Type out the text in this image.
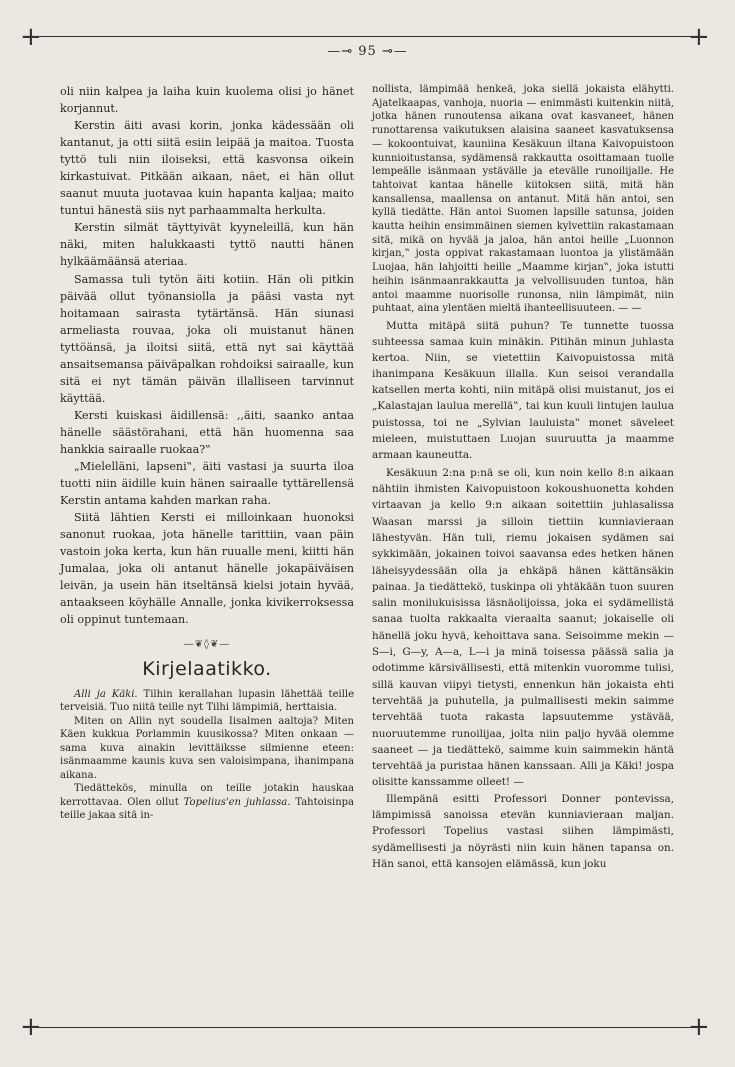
+	+
+	+
—⊸ 95 ⊸—

oli niin kalpea ja laiha kuin kuolema olisi jo hänet korjannut.

Kerstin äiti avasi korin, jonka kädessään oli kantanut, ja otti siitä esiin leipää ja maitoa. Tuosta tyttö tuli niin iloiseksi, että kasvonsa oikein kirkastuivat. Pitkään aikaan, näet, ei hän ollut saanut muuta juotavaa kuin hapanta kaljaa; maito tuntui hänestä siis nyt parhaammalta herkulta.

Kerstin silmät täyttyivät kyyneleillä, kun hän näki, miten halukkaasti tyttö nautti hänen hylkäämäänsä ateriaa.

Samassa tuli tytön äiti kotiin. Hän oli pitkin päivää ollut työnansiolla ja pääsi vasta nyt hoitamaan sairasta tytärtänsä. Hän siunasi armeliasta rouvaa, joka oli muistanut hänen tyttöänsä, ja iloitsi siitä, että nyt sai käyttää ansaitsemansa päiväpalkan rohdoiksi sairaalle, kun sitä ei nyt tämän päivän illalliseen tarvinnut käyttää.

Kersti kuiskasi äidillensä: ,,äiti, saanko antaa hänelle säästörahani, että hän huomenna saa hankkia sairaalle ruokaa?‟

„Mielelläni, lapseni‟, äiti vastasi ja suurta iloa tuotti niin äidille kuin hänen sairaalle tyttärellensä Kerstin antama kahden markan raha.

Siitä lähtien Kersti ei milloinkaan huonoksi sanonut ruokaa, jota hänelle tarittiin, vaan päin vastoin joka kerta, kun hän ruualle meni, kiitti hän Jumalaa, joka oli antanut hänelle jokapäiväisen leivän, ja usein hän itseltänsä kielsi jotain hyvää, antaakseen köyhälle Annalle, jonka kivikerroksessa oli oppinut tuntemaan.

—❦◊❦—
Kirjelaatikko.

Alli ja Käki. Tilhin kerallahan lupasin lähettää teille terveisiä. Tuo niitä teille nyt Tilhi lämpimiä, herttaisia.

Miten on Allin nyt soudella Iisalmen aaltoja? Miten Käen kukkua Porlammin kuusikossa? Miten onkaan — sama kuva ainakin levittäiksse silmienne eteen: isänmaamme kaunis kuva sen valoisimpana, ihanimpana aikana.

Tiedättekös, minulla on teille jotakin hauskaa kerrottavaa. Olen ollut Topelius'en juhlassa. Tahtoisinpa teille jakaa sitä in-

nollista, lämpimää henkeä, joka siellä jokaista elähytti. Ajatelkaapas, vanhoja, nuoria — enimmästi kuitenkin niitä, jotka hänen runoutensa aikana ovat kasvaneet, hänen runottarensa vaikutuksen alaisina saaneet kasvatuksensa — kokoontuivat, kauniina Kesäkuun iltana Kaivopuistoon kunnioitustansa, sydämensä rakkautta osoittamaan tuolle lempeälle isänmaan ystävälle ja etevälle runoilijalle. He tahtoivat kantaa hänelle kiitoksen siitä, mitä hän kansallensa, maallensa on antanut. Mitä hän antoi, sen kyllä tiedätte. Hän antoi Suomen lapsille satunsa, joiden kautta heihin ensimmäinen siemen kylvettiin rakastamaan sitä, mikä on hyvää ja jaloa, hän antoi heille „Luonnon kirjan,‟ josta oppivat rakastamaan luontoa ja ylistämään Luojaa, hän lahjoitti heille „Maamme kirjan‟, joka istutti heihin isänmaanrakkautta ja velvollisuuden tuntoa, hän antoi maamme nuorisolle runonsa, niin lämpimät, niin puhtaat, aina ylentäen mieltä ihanteellisuuteen. — —

Mutta mitäpä siitä puhun? Te tunnette tuossa suhteessa samaa kuin minäkin. Pitihän minun juhlasta kertoa. Niin, se vietettiin Kaivopuistossa mitä ihanimpana Kesäkuun illalla. Kun seisoi verandalla katsellen merta kohti, niin mitäpä olisi muistanut, jos ei „Kalastajan laulua merellä‟, tai kun kuuli lintujen laulua puistossa, toi ne „Sylvian lauluista‟ monet säveleet mieleen, muistuttaen Luojan suuruutta ja maamme armaan kauneutta.

Kesäkuun 2:na p:nä se oli, kun noin kello 8:n aikaan nähtiin ihmisten Kaivopuistoon kokoushuonetta kohden virtaavan ja kello 9:n aikaan soitettiin juhlasalissa Waasan marssi ja silloin tiettiin kunniavieraan lähestyvän. Hän tuli, riemu jokaisen sydämen sai sykkimään, jokainen toivoi saavansa edes hetken hänen läheisyydessään olla ja ehkäpä hänen kättänsäkin painaa. Ja tiedättekö, tuskinpa oli yhtäkään tuon suuren salin monilukuisissa läsnäolijoissa, joka ei sydämellistä sanaa tuolta rakkaalta vieraalta saanut; jokaiselle oli hänellä joku hyvä, kehoittava sana. Seisoimme mekin — S—i, G—y, A—a, L—i ja minä toisessa päässä salia ja odotimme kärsivällisesti, että mitenkin vuoromme tulisi, sillä kauvan viipyi tietysti, ennenkun hän jokaista ehti tervehtää ja puhutella, ja pulmallisesti mekin saimme tervehtää tuota rakasta lapsuutemme ystävää, nuoruutemme runoilijaa, jolta niin paljo hyvää olemme saaneet — ja tiedättekö, saimme kuin saimmekin häntä tervehtää ja puristaa hänen kanssaan. Alli ja Käki! jospa olisitte kanssamme olleet! —

Illempänä esitti Professori Donner pontevissa, lämpimissä sanoissa etevän kunniavieraan maljan. Professori Topelius vastasi siihen lämpimästi, sydämellisesti ja nöyrästi niin kuin hänen tapansa on. Hän sanoi, että kansojen elämässä, kun joku
